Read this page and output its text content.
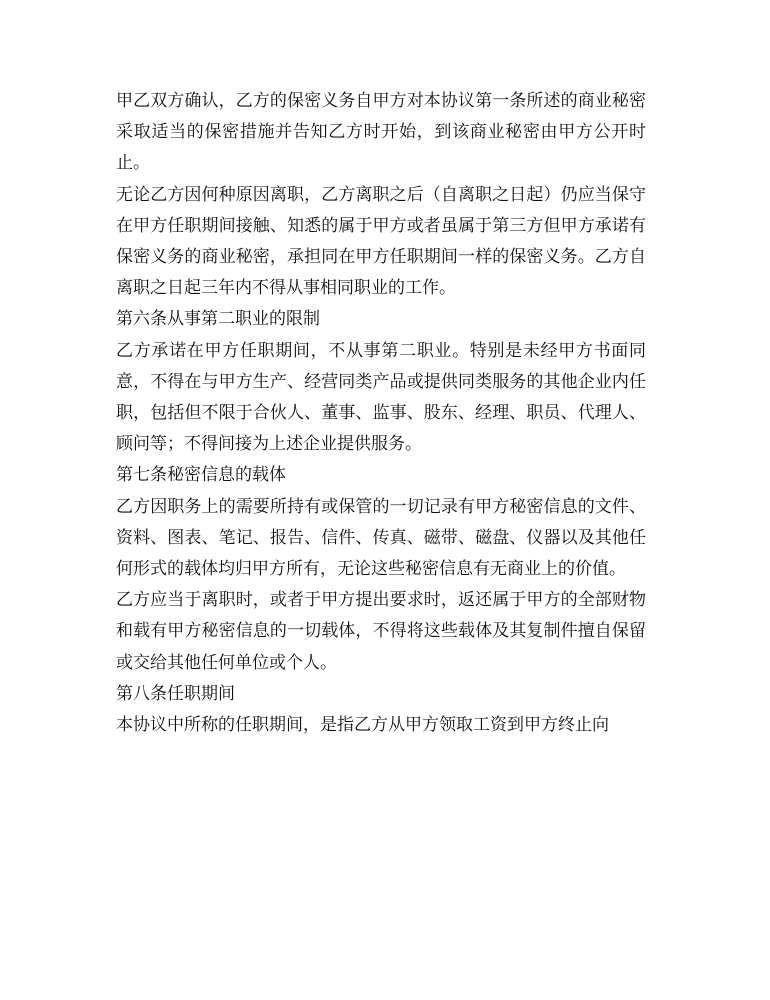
甲乙双方确认，乙方的保密义务自甲方对本协议第一条所述的商业秘密采取适当的保密措施并告知乙方时开始，到该商业秘密由甲方公开时止。

无论乙方因何种原因离职，乙方离职之后（自离职之日起）仍应当保守在甲方任职期间接触、知悉的属于甲方或者虽属于第三方但甲方承诺有保密义务的商业秘密，承担同在甲方任职期间一样的保密义务。乙方自离职之日起三年内不得从事相同职业的工作。

第六条从事第二职业的限制

乙方承诺在甲方任职期间，不从事第二职业。特别是未经甲方书面同意，不得在与甲方生产、经营同类产品或提供同类服务的其他企业内任职，包括但不限于合伙人、董事、监事、股东、经理、职员、代理人、顾问等；不得间接为上述企业提供服务。

第七条秘密信息的载体

乙方因职务上的需要所持有或保管的一切记录有甲方秘密信息的文件、资料、图表、笔记、报告、信件、传真、磁带、磁盘、仪器以及其他任何形式的载体均归甲方所有，无论这些秘密信息有无商业上的价值。

乙方应当于离职时，或者于甲方提出要求时，返还属于甲方的全部财物和载有甲方秘密信息的一切载体，不得将这些载体及其复制件擅自保留或交给其他任何单位或个人。

第八条任职期间

本协议中所称的任职期间，是指乙方从甲方领取工资到甲方终止向
